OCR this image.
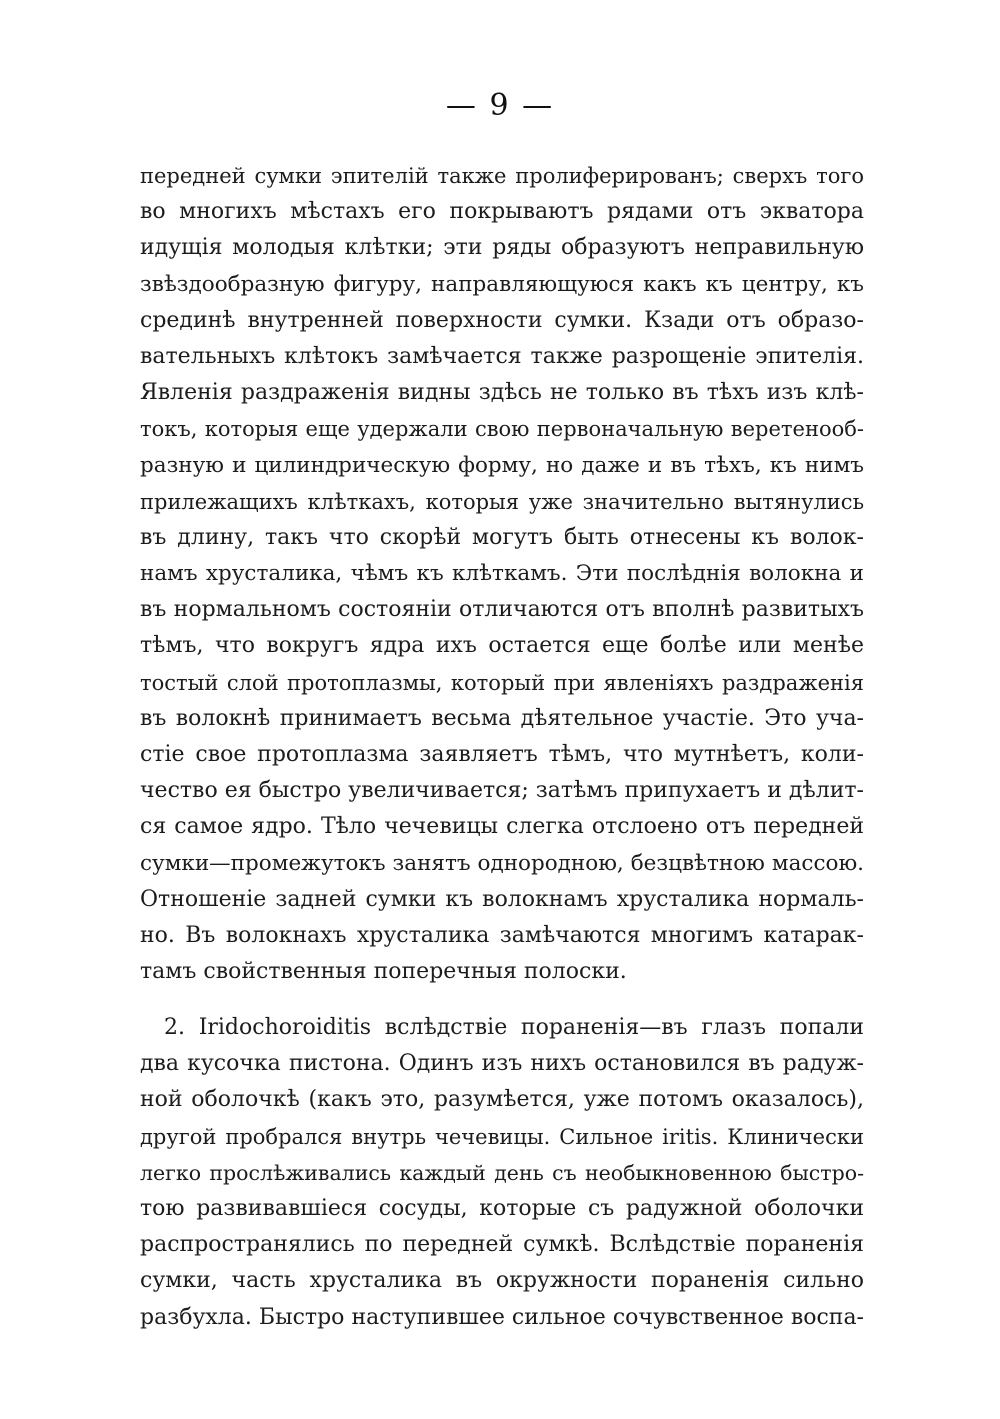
— 9 —
передней сумки эпителій также пролиферированъ; сверхъ того
во многихъ мѣстахъ его покрываютъ рядами отъ экватора
идущія молодыя клѣтки; эти ряды образуютъ неправильную
звѣздообразную фигуру, направляющуюся какъ къ центру, къ
срединѣ внутренней поверхности сумки. Кзади отъ образо-
вательныхъ клѣтокъ замѣчается также разрощеніе эпителія.
Явленія раздраженія видны здѣсь не только въ тѣхъ изъ клѣ-
токъ, которыя еще удержали свою первоначальную веретенооб-
разную и цилиндрическую форму, но даже и въ тѣхъ, къ нимъ
прилежащихъ клѣткахъ, которыя уже значительно вытянулись
въ длину, такъ что скорѣй могутъ быть отнесены къ волок-
намъ хрусталика, чѣмъ къ клѣткамъ. Эти послѣднія волокна и
въ нормальномъ состояніи отличаются отъ вполнѣ развитыхъ
тѣмъ, что вокругъ ядра ихъ остается еще болѣе или менѣе
тостый слой протоплазмы, который при явленіяхъ раздраженія
въ волокнѣ принимаетъ весьма дѣятельное участіе. Это уча-
стіе свое протоплазма заявляетъ тѣмъ, что мутнѣетъ, коли-
чество ея быстро увеличивается; затѣмъ припухаетъ и дѣлит-
ся самое ядро. Тѣло чечевицы слегка отслоено отъ передней
сумки—промежутокъ занятъ однородною, безцвѣтною массою.
Отношеніе задней сумки къ волокнамъ хрусталика нормаль-
но. Въ волокнахъ хрусталика замѣчаются многимъ катарак-
тамъ свойственныя поперечныя полоски.
2. Iridochoroiditis вслѣдствіе пораненія—въ глазъ попали
два кусочка пистона. Одинъ изъ нихъ остановился въ радуж-
ной оболочкѣ (какъ это, разумѣется, уже потомъ оказалось),
другой пробрался внутрь чечевицы. Сильное iritis. Клинически
легко прослѣживались каждый день съ необыкновенною быстро-
тою развивавшіеся сосуды, которые съ радужной оболочки
распространялись по передней сумкѣ. Вслѣдствіе пораненія
сумки, часть хрусталика въ окружности пораненія сильно
разбухла. Быстро наступившее сильное сочувственное воспа-
